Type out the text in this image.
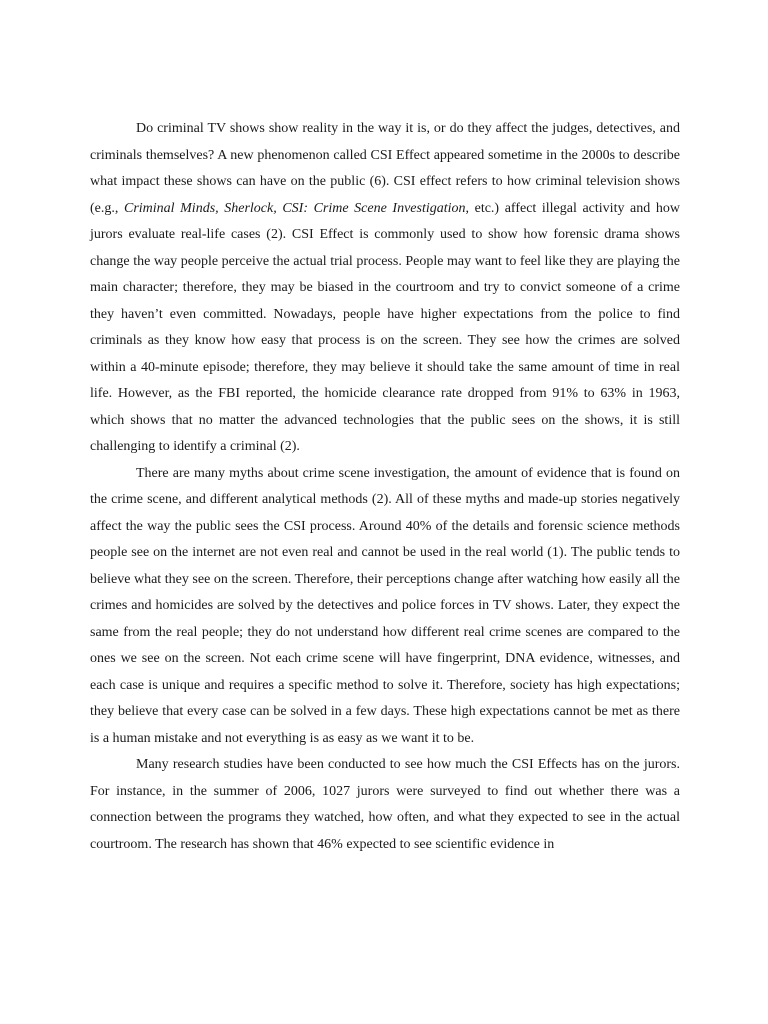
Do criminal TV shows show reality in the way it is, or do they affect the judges, detectives, and criminals themselves? A new phenomenon called CSI Effect appeared sometime in the 2000s to describe what impact these shows can have on the public (6). CSI effect refers to how criminal television shows (e.g., Criminal Minds, Sherlock, CSI: Crime Scene Investigation, etc.) affect illegal activity and how jurors evaluate real-life cases (2). CSI Effect is commonly used to show how forensic drama shows change the way people perceive the actual trial process. People may want to feel like they are playing the main character; therefore, they may be biased in the courtroom and try to convict someone of a crime they haven’t even committed. Nowadays, people have higher expectations from the police to find criminals as they know how easy that process is on the screen. They see how the crimes are solved within a 40-minute episode; therefore, they may believe it should take the same amount of time in real life. However, as the FBI reported, the homicide clearance rate dropped from 91% to 63% in 1963, which shows that no matter the advanced technologies that the public sees on the shows, it is still challenging to identify a criminal (2).

There are many myths about crime scene investigation, the amount of evidence that is found on the crime scene, and different analytical methods (2). All of these myths and made-up stories negatively affect the way the public sees the CSI process. Around 40% of the details and forensic science methods people see on the internet are not even real and cannot be used in the real world (1). The public tends to believe what they see on the screen. Therefore, their perceptions change after watching how easily all the crimes and homicides are solved by the detectives and police forces in TV shows. Later, they expect the same from the real people; they do not understand how different real crime scenes are compared to the ones we see on the screen. Not each crime scene will have fingerprint, DNA evidence, witnesses, and each case is unique and requires a specific method to solve it. Therefore, society has high expectations; they believe that every case can be solved in a few days. These high expectations cannot be met as there is a human mistake and not everything is as easy as we want it to be.

Many research studies have been conducted to see how much the CSI Effects has on the jurors. For instance, in the summer of 2006, 1027 jurors were surveyed to find out whether there was a connection between the programs they watched, how often, and what they expected to see in the actual courtroom. The research has shown that 46% expected to see scientific evidence in
